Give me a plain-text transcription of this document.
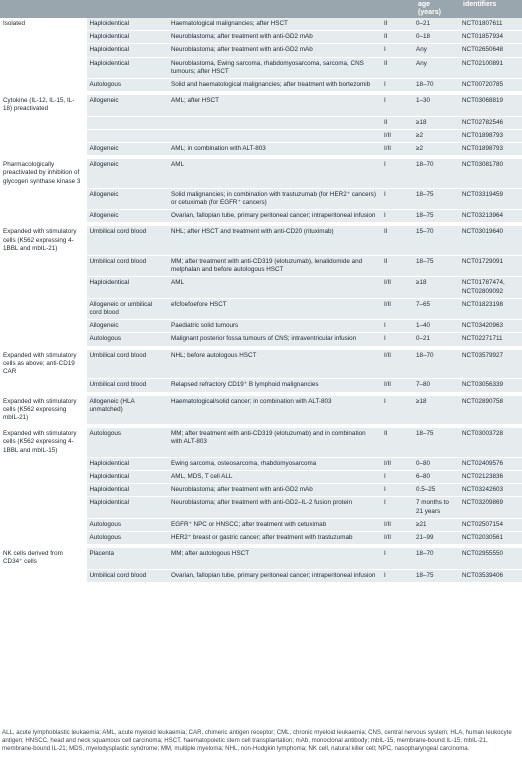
age
(years)
identifiers
Isolated	Haploidentical	Haematological malignancies; after HSCT	II	0–21	NCT01807611
	Haploidentical	Neuroblastoma; after treatment with anti-GD2 mAb	II	0–18	NCT01857934
	Haploidentical	Neuroblastoma; after treatment with anti-GD2 mAb	I	Any	NCT02650648
	Haploidentical	Neuroblastoma, Ewing sarcoma, rhabdomyosarcoma, sarcoma, CNS tumours; after HSCT	II	Any	NCT02100891
	Autologous	Solid and haematological malignancies; after treatment with bortezomib	I	18–70	NCT00720785

Cytokine (IL-12, IL-15, IL-18) preactivated	Allogeneic	AML; after HSCT	I	1–30	NCT03068819
			II	≥18	NCT02782546
			I/II	≥2	NCT01898793
	Allogeneic	AML; in combination with ALT-803	I/II	≥2	NCT01898793

Pharmacologically preactivated by inhibition of glycogen synthase kinase 3	Allogeneic	AML	I	18–70	NCT03081780
	Allogeneic	Solid malignancies; in combination with trastuzumab (for HER2⁺ cancers) or cetuximab (for EGFR⁺ cancers)	I	18–75	NCT03319459
	Allogeneic	Ovarian, fallopian tube, primary peritoneal cancer; intraperitoneal infusion	I	18–75	NCT03213964

Expanded with stimulatory cells (K562 expressing 4-1BBL and mbIL-21)	Umbilical cord blood	NHL; after HSCT and treatment with anti-CD20 (rituximab)	II	15–70	NCT03019640
	Umbilical cord blood	MM; after treatment with anti-CD319 (elotuzumab), lenalidomide and melphalan and before autologous HSCT	II	18–75	NCT01729091
	Haploidentical	AML	I/II	≥18	NCT01787474, NCT02809092
	Allogeneic or umbilical cord blood	efcfoefoefore HSCT	I/II	7–65	NCT01823198
	Allogeneic	Paediatric solid tumours	I	1–40	NCT03420963
	Autologous	Malignant posterior fossa tumours of CNS; intraventricular infusion	I	0–21	NCT02271711

Expanded with stimulatory cells as above; anti-CD19 CAR	Umbilical cord blood	NHL; before autologous HSCT	I/II	18–70	NCT03579927
	Umbilical cord blood	Relapsed refractory CD19⁺ B lymphoid malignancies	I/II	7–80	NCT03056339

Expanded with stimulatory cells (K562 expressing mbIL-21)	Allogeneic (HLA unmatched)	Haematological/solid cancer; in combination with ALT-803	I	≥18	NCT02890758

Expanded with stimulatory cells (K562 expressing 4-1BBL and mbIL-15)	Autologous	MM; after treatment with anti-CD319 (elotuzumab) and in combination with ALT-803	II	18–75	NCT03003728
	Haploidentical	Ewing sarcoma, osteosarcoma, rhabdomyosarcoma	I/II	0–80	NCT02409576
	Haploidentical	AML, MDS, T cell ALL	I	6–80	NCT02123836
	Haploidentical	Neuroblastoma; after treatment with anti-GD2 mAb	I	0.5–25	NCT03242603
	Haploidentical	Neuroblastoma; after treatment with anti-GD2–IL-2 fusion protein	I	7 months to 21 years	NCT03209869
	Autologous	EGFR⁺ NPC or HNSCC; after treatment with cetuximab	I/II	≥21	NCT02507154
	Autologous	HER2⁺ breast or gastric cancer; after treatment with trastuzumab	I/II	21–99	NCT02030561

NK cells derived from CD34⁺ cells	Placenta	MM; after autologous HSCT	I	18–70	NCT02955550
	Umbilical cord blood	Ovarian, fallopian tube, primary peritoneal cancer; intraperitoneal infusion	I	18–75	NCT03539406
ALL, acute lymphoblastic leukaemia; AML, acute myeloid leukaemia; CAR, chimeric antigen receptor; CML, chronic myeloid leukaemia; CNS, central nervous system; HLA, human leukocyte antigen; HNSCC, head and neck squamous cell carcinoma; HSCT, haematopoietic stem cell transplantation; mAb, monoclonal antibody; mbIL-15, membrane-bound IL-15; mbIL-21, membrane-bound IL-21; MDS, myelodysplastic syndrome; MM, multiple myeloma; NHL, non-Hodgkin lymphoma; NK cell, natural killer cell; NPC, nasopharyngeal carcinoma.
